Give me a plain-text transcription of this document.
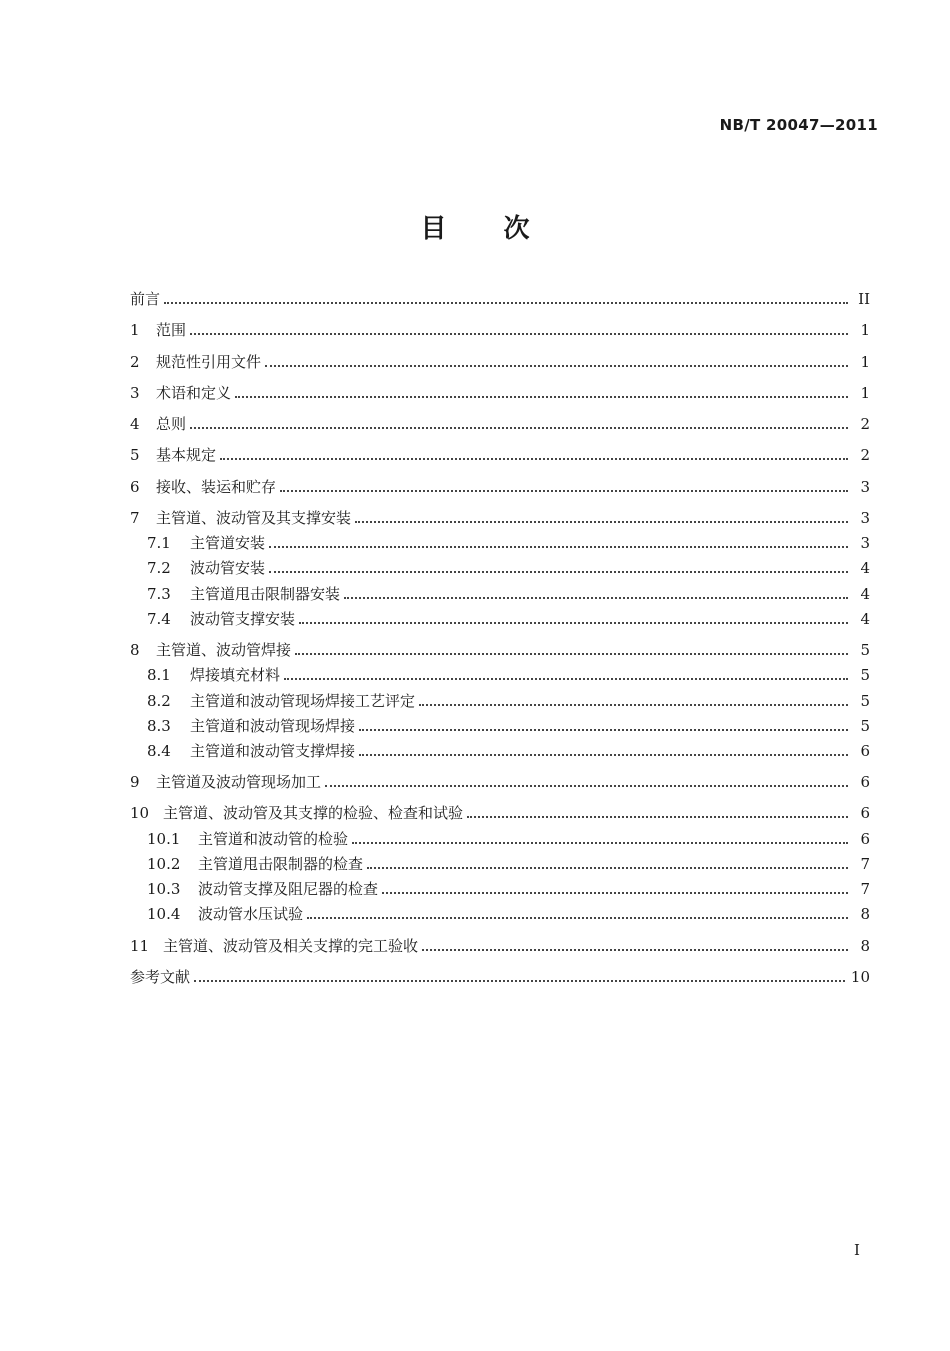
NB/T 20047—2011
目 次
前言	II
1	范围	1
2	规范性引用文件	1
3	术语和定义	1
4	总则	2
5	基本规定	2
6	接收、装运和贮存	3
7	主管道、波动管及其支撑安装	3
7.1	主管道安装	3
7.2	波动管安装	4
7.3	主管道甩击限制器安装	4
7.4	波动管支撑安装	4
8	主管道、波动管焊接	5
8.1	焊接填充材料	5
8.2	主管道和波动管现场焊接工艺评定	5
8.3	主管道和波动管现场焊接	5
8.4	主管道和波动管支撑焊接	6
9	主管道及波动管现场加工	6
10 主管道、波动管及其支撑的检验、检查和试验	6
10.1	主管道和波动管的检验	6
10.2	主管道甩击限制器的检查	7
10.3	波动管支撑及阻尼器的检查	7
10.4	波动管水压试验	8
11 主管道、波动管及相关支撑的完工验收	8
参考文献	10
I
